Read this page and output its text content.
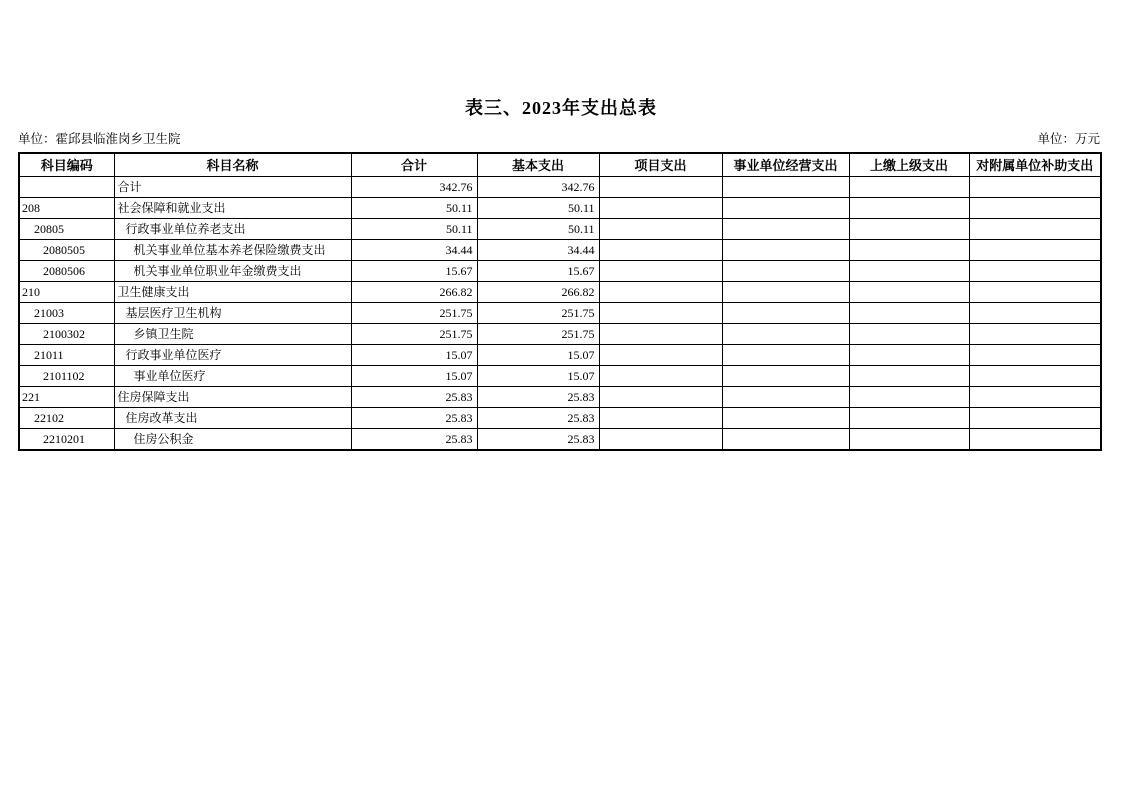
表三、2023年支出总表
单位：霍邱县临淮岗乡卫生院	单位：万元
科目编码	科目名称	合计	基本支出	项目支出	事业单位经营支出	上缴上级支出	对附属单位补助支出
	合计	342.76	342.76				
208	社会保障和就业支出	50.11	50.11				
20805	行政事业单位养老支出	50.11	50.11				
2080505	机关事业单位基本养老保险缴费支出	34.44	34.44				
2080506	机关事业单位职业年金缴费支出	15.67	15.67				
210	卫生健康支出	266.82	266.82				
21003	基层医疗卫生机构	251.75	251.75				
2100302	乡镇卫生院	251.75	251.75				
21011	行政事业单位医疗	15.07	15.07				
2101102	事业单位医疗	15.07	15.07				
221	住房保障支出	25.83	25.83				
22102	住房改革支出	25.83	25.83				
2210201	住房公积金	25.83	25.83				
